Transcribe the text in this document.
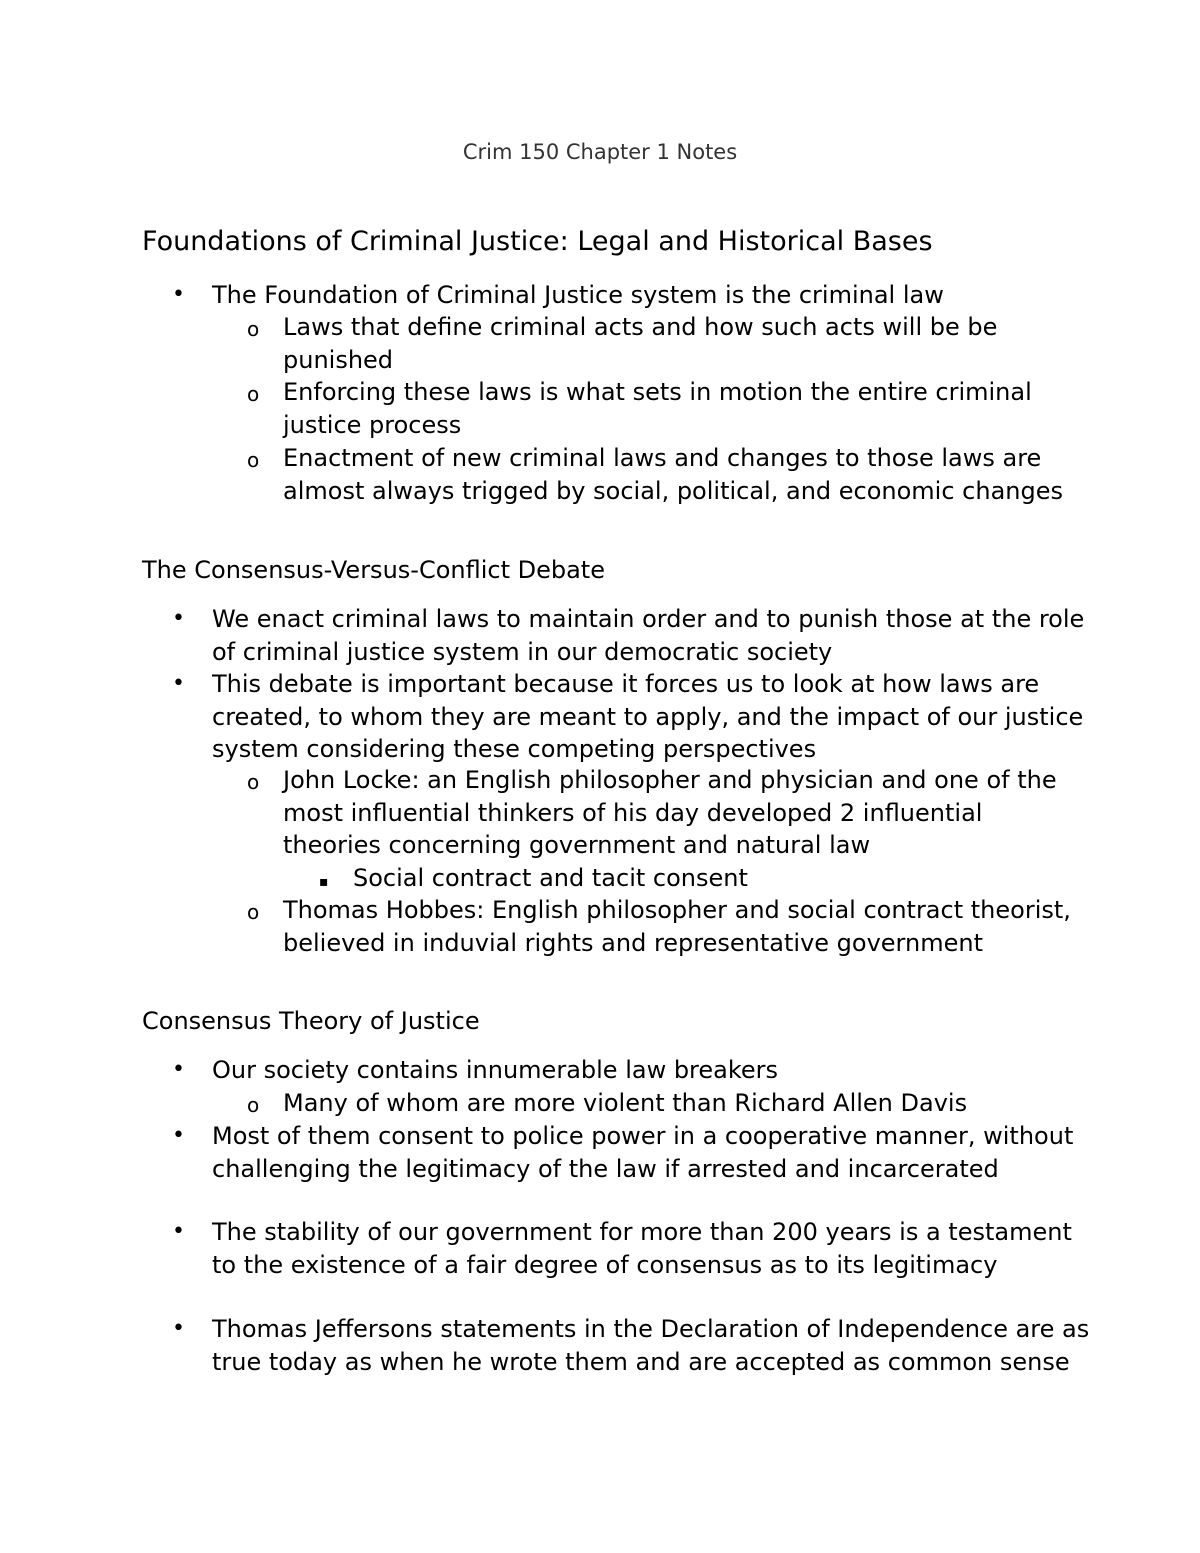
Crim 150 Chapter 1 Notes
Foundations of Criminal Justice: Legal and Historical Bases
• The Foundation of Criminal Justice system is the criminal law
o Laws that define criminal acts and how such acts will be be punished
o Enforcing these laws is what sets in motion the entire criminal justice process
o Enactment of new criminal laws and changes to those laws are almost always trigged by social, political, and economic changes
The Consensus-Versus-Conflict Debate
• We enact criminal laws to maintain order and to punish those at the role of criminal justice system in our democratic society
• This debate is important because it forces us to look at how laws are created, to whom they are meant to apply, and the impact of our justice system considering these competing perspectives
o John Locke: an English philosopher and physician and one of the most influential thinkers of his day developed 2 influential theories concerning government and natural law
▪ Social contract and tacit consent
o Thomas Hobbes: English philosopher and social contract theorist, believed in induvial rights and representative government
Consensus Theory of Justice
• Our society contains innumerable law breakers
o Many of whom are more violent than Richard Allen Davis
• Most of them consent to police power in a cooperative manner, without challenging the legitimacy of the law if arrested and incarcerated
• The stability of our government for more than 200 years is a testament to the existence of a fair degree of consensus as to its legitimacy
• Thomas Jeffersons statements in the Declaration of Independence are as true today as when he wrote them and are accepted as common sense
